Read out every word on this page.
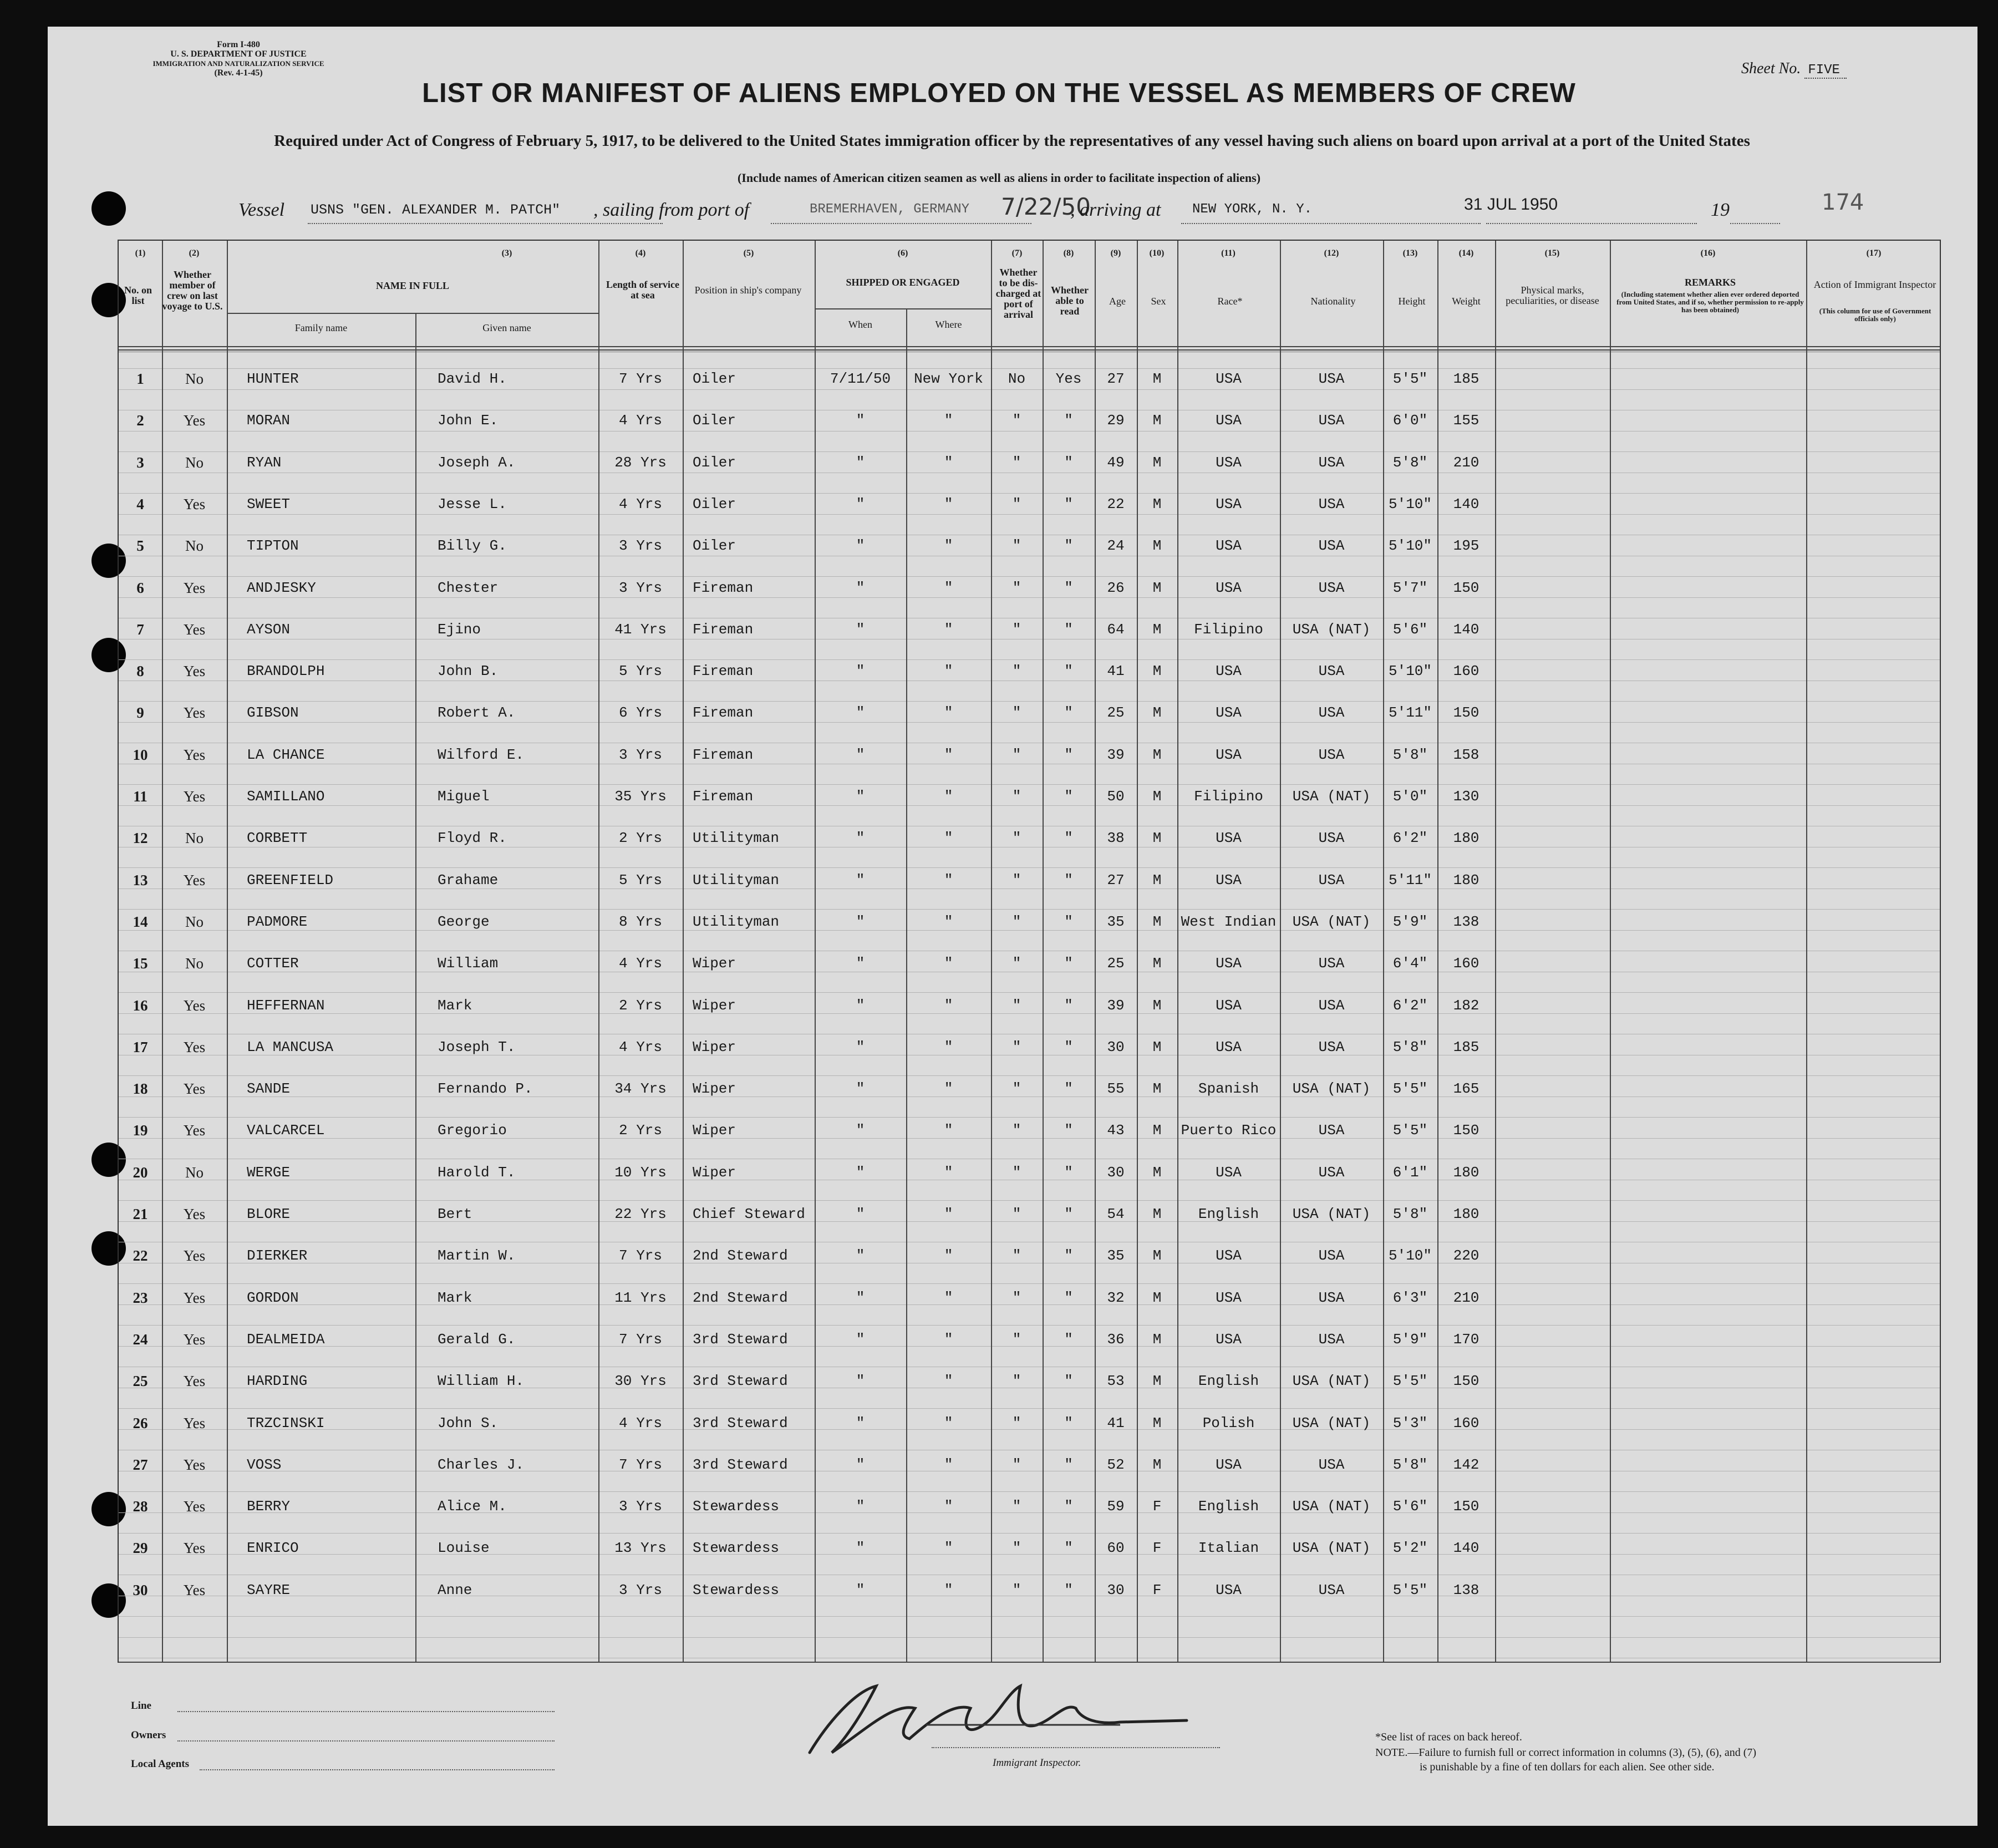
Form I-480
U. S. DEPARTMENT OF JUSTICE
IMMIGRATION AND NATURALIZATION SERVICE
(Rev. 4-1-45)	Sheet No. FIVE
LIST OR MANIFEST OF ALIENS EMPLOYED ON THE VESSEL AS MEMBERS OF CREW
Required under Act of Congress of February 5, 1917, to be delivered to the United States immigration officer by the representatives of any vessel having such aliens on board upon arrival at a port of the United States
(Include names of American citizen seamen as well as aliens in order to facilitate inspection of aliens)
Vessel USNS "GEN. ALEXANDER M. PATCH" , sailing from port of	BREMERHAVEN, GERMANY 7/22/50
, arriving at NEW YORK, N. Y.	31 JUL 1950	19	174
No. on list
Whether member of crew on last voyage to U.S.
NAME IN FULL
Family name	Given name
Length of service at sea	Position in ship's company
SHIPPED OR ENGAGED
When	Where
Whether to be dis-charged at port of arrival
Whether able to read
Age	Sex	Race*	Nationality	Height	Weight
Physical marks, peculiarities, or disease
REMARKS
(Including statement whether alien ever ordered deported from United States, and if so, whether permission to re-apply has been obtained)
Action of Immigrant Inspector
(This column for use of Government officials only)
(1)	(2)	(3)	(4)	(5)	(6)	(7)	(8)	(9)	(10)	(11)	(12)	(13)	(14)	(15)	(16)	(17)
1	No	HUNTER	David H.	7 Yrs	Oiler	7/11/50	New York	No	Yes	27	M	USA	USA	5'5"	185
2	Yes	MORAN	John E.	4 Yrs	Oiler	"	"	"	"	29	M	USA	USA	6'0"	155
3	No	RYAN	Joseph A.	28 Yrs	Oiler	"	"	"	"	49	M	USA	USA	5'8"	210
4	Yes	SWEET	Jesse L.	4 Yrs	Oiler	"	"	"	"	22	M	USA	USA	5'10"	140
5	No	TIPTON	Billy G.	3 Yrs	Oiler	"	"	"	"	24	M	USA	USA	5'10"	195
6	Yes	ANDJESKY	Chester	3 Yrs	Fireman	"	"	"	"	26	M	USA	USA	5'7"	150
7	Yes	AYSON	Ejino	41 Yrs	Fireman	"	"	"	"	64	M	Filipino	USA (NAT)	5'6"	140
8	Yes	BRANDOLPH	John B.	5 Yrs	Fireman	"	"	"	"	41	M	USA	USA	5'10"	160
9	Yes	GIBSON	Robert A.	6 Yrs	Fireman	"	"	"	"	25	M	USA	USA	5'11"	150
10	Yes	LA CHANCE	Wilford E.	3 Yrs	Fireman	"	"	"	"	39	M	USA	USA	5'8"	158
11	Yes	SAMILLANO	Miguel	35 Yrs	Fireman	"	"	"	"	50	M	Filipino	USA (NAT)	5'0"	130
12	No	CORBETT	Floyd R.	2 Yrs	Utilityman	"	"	"	"	38	M	USA	USA	6'2"	180
13	Yes	GREENFIELD	Grahame	5 Yrs	Utilityman	"	"	"	"	27	M	USA	USA	5'11"	180
14	No	PADMORE	George	8 Yrs	Utilityman	"	"	"	"	35	M	West Indian	USA (NAT)	5'9"	138
15	No	COTTER	William	4 Yrs	Wiper	"	"	"	"	25	M	USA	USA	6'4"	160
16	Yes	HEFFERNAN	Mark	2 Yrs	Wiper	"	"	"	"	39	M	USA	USA	6'2"	182
17	Yes	LA MANCUSA	Joseph T.	4 Yrs	Wiper	"	"	"	"	30	M	USA	USA	5'8"	185
18	Yes	SANDE	Fernando P.	34 Yrs	Wiper	"	"	"	"	55	M	Spanish	USA (NAT)	5'5"	165
19	Yes	VALCARCEL	Gregorio	2 Yrs	Wiper	"	"	"	"	43	M	Puerto Rico	USA	5'5"	150
20	No	WERGE	Harold T.	10 Yrs	Wiper	"	"	"	"	30	M	USA	USA	6'1"	180
21	Yes	BLORE	Bert	22 Yrs	Chief Steward	"	"	"	"	54	M	English	USA (NAT)	5'8"	180
22	Yes	DIERKER	Martin W.	7 Yrs	2nd Steward	"	"	"	"	35	M	USA	USA	5'10"	220
23	Yes	GORDON	Mark	11 Yrs	2nd Steward	"	"	"	"	32	M	USA	USA	6'3"	210
24	Yes	DEALMEIDA	Gerald G.	7 Yrs	3rd Steward	"	"	"	"	36	M	USA	USA	5'9"	170
25	Yes	HARDING	William H.	30 Yrs	3rd Steward	"	"	"	"	53	M	English	USA (NAT)	5'5"	150
26	Yes	TRZCINSKI	John S.	4 Yrs	3rd Steward	"	"	"	"	41	M	Polish	USA (NAT)	5'3"	160
27	Yes	VOSS	Charles J.	7 Yrs	3rd Steward	"	"	"	"	52	M	USA	USA	5'8"	142
28	Yes	BERRY	Alice M.	3 Yrs	Stewardess	"	"	"	"	59	F	English	USA (NAT)	5'6"	150
29	Yes	ENRICO	Louise	13 Yrs	Stewardess	"	"	"	"	60	F	Italian	USA (NAT)	5'2"	140
30	Yes	SAYRE	Anne	3 Yrs	Stewardess	"	"	"	"	30	F	USA	USA	5'5"	138
Line
Owners
Local Agents	Immigrant Inspector.
*See list of races on back hereof.
NOTE.—Failure to furnish full or correct information in columns (3), (5), (6), and (7)
is punishable by a fine of ten dollars for each alien. See other side.
